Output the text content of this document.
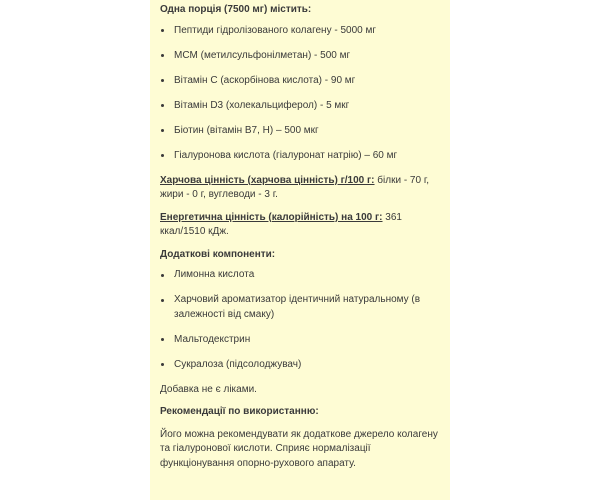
Одна порція (7500 мг) містить:

Пептиди гідролізованого колагену - 5000 мг
MCM (метилсульфонілметан) - 500 мг
Вітамін С (аскорбінова кислота) - 90 мг
Вітамін D3 (холекальциферол) - 5 мкг
Біотин (вітамін В7, Н) – 500 мкг
Гіалуронова кислота (гіалуронат натрію) – 60 мг

Харчова цінність (харчова цінність) г/100 г: білки - 70 г, жири - 0 г, вуглеводи - 3 г.

Енергетична цінність (калорійність) на 100 г: 361 ккал/1510 кДж.

Додаткові компоненти:

Лимонна кислота
Харчовий ароматизатор ідентичний натуральному (в залежності від смаку)
Мальтодекстрин
Сукралоза (підсолоджувач)

Добавка не є ліками.

Рекомендації по використанню:

Його можна рекомендувати як додаткове джерело колагену та гіалуронової кислоти. Сприяє нормалізації функціонування опорно-рухового апарату.
